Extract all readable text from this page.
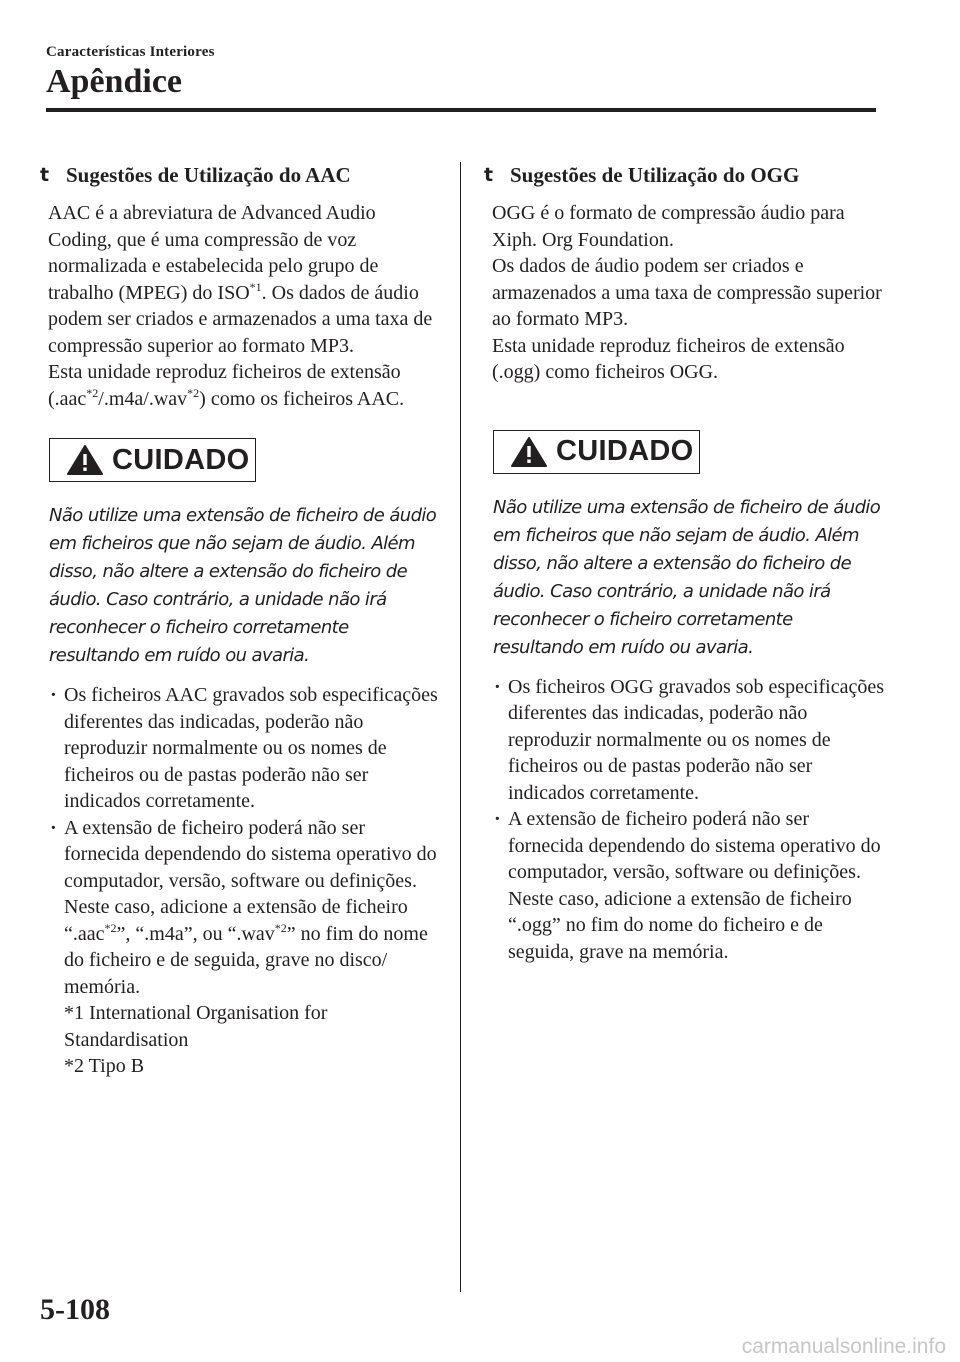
Características Interiores
Apêndice
t Sugestões de Utilização do AAC

AAC é a abreviatura de Advanced Audio Coding, que é uma compressão de voz normalizada e estabelecida pelo grupo de trabalho (MPEG) do ISO$^{*1}$. Os dados de áudio podem ser criados e armazenados a uma taxa de compressão superior ao formato MP3.

Esta unidade reproduz ficheiros de extensão (.aac$^{*2}$/.m4a/.wav$^{*2}$) como os ficheiros AAC.

CUIDADO

Não utilize uma extensão de ficheiro de áudio em ficheiros que não sejam de áudio. Além disso, não altere a extensão do ficheiro de áudio. Caso contrário, a unidade não irá reconhecer o ficheiro corretamente resultando em ruído ou avaria.

· Os ficheiros AAC gravados sob especificações diferentes das indicadas, poderão não reproduzir normalmente ou os nomes de ficheiros ou de pastas poderão não ser indicados corretamente.
· A extensão de ficheiro poderá não ser fornecida dependendo do sistema operativo do computador, versão, software ou definições. Neste caso, adicione a extensão de ficheiro “.aac$^{*2}$”, “.m4a”, ou “.wav$^{*2}$” no fim do nome do ficheiro e de seguida, grave no disco/ memória.
*1 International Organisation for Standardisation
*2 Tipo B
t Sugestões de Utilização do OGG

OGG é o formato de compressão áudio para Xiph. Org Foundation.

Os dados de áudio podem ser criados e armazenados a uma taxa de compressão superior ao formato MP3.

Esta unidade reproduz ficheiros de extensão (.ogg) como ficheiros OGG.

CUIDADO

Não utilize uma extensão de ficheiro de áudio em ficheiros que não sejam de áudio. Além disso, não altere a extensão do ficheiro de áudio. Caso contrário, a unidade não irá reconhecer o ficheiro corretamente resultando em ruído ou avaria.

· Os ficheiros OGG gravados sob especificações diferentes das indicadas, poderão não reproduzir normalmente ou os nomes de ficheiros ou de pastas poderão não ser indicados corretamente.
· A extensão de ficheiro poderá não ser fornecida dependendo do sistema operativo do computador, versão, software ou definições. Neste caso, adicione a extensão de ficheiro “.ogg” no fim do nome do ficheiro e de seguida, grave na memória.
5-108
carmanualsonline.info
